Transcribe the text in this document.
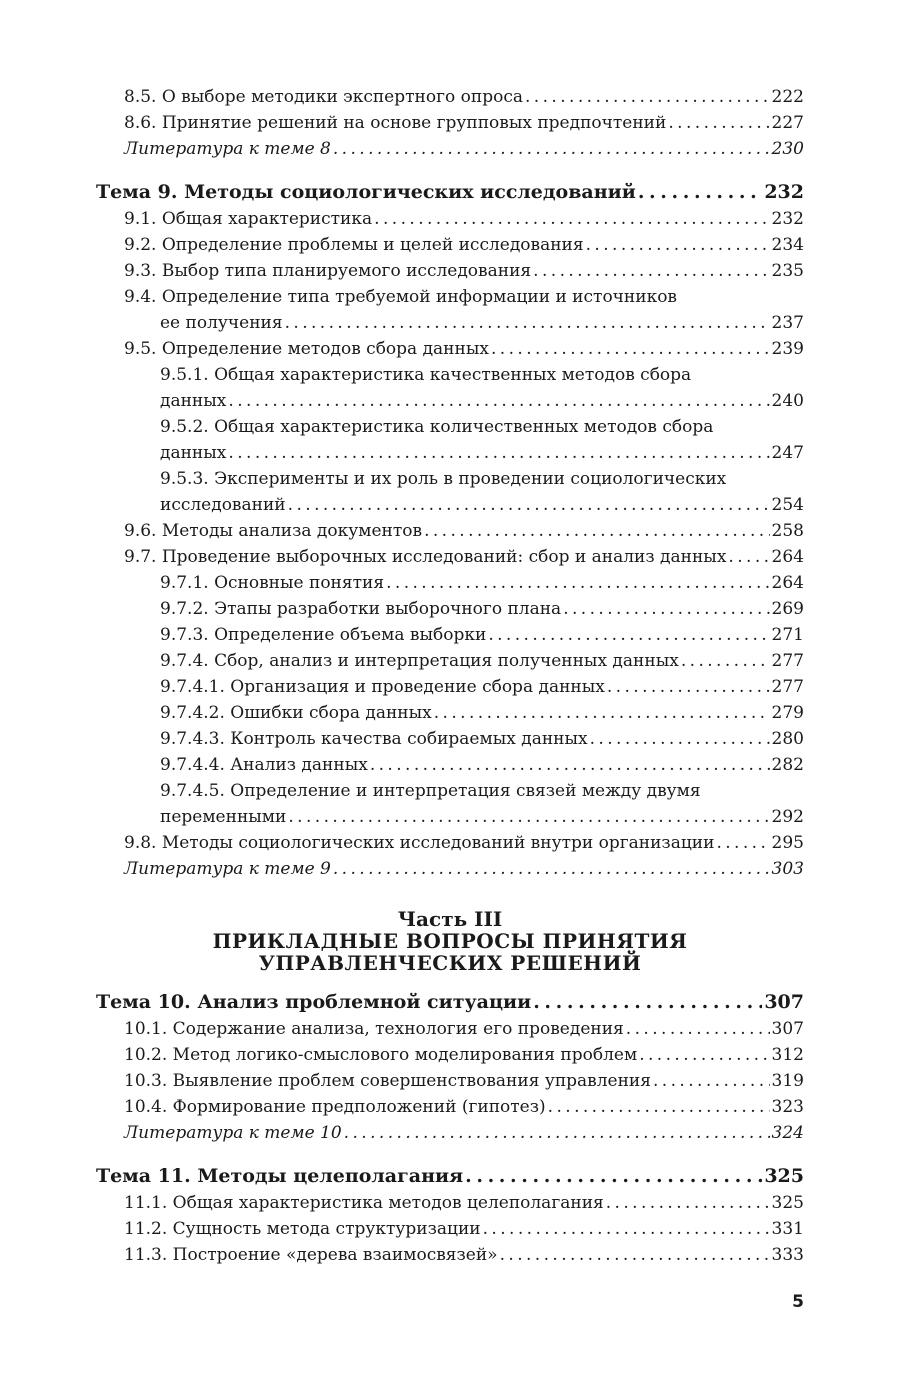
8.5. О выборе методики экспертного опроса . . .	222
8.6. Принятие решений на основе групповых предпочтений . . .	227
Литература к теме 8 . . .	230
Тема 9. Методы социологических исследований . . .	232
9.1. Общая характеристика . . .	232
9.2. Определение проблемы и целей исследования . . .	234
9.3. Выбор типа планируемого исследования . . .	235
9.4. Определение типа требуемой информации и источников
ее получения . . .	237
9.5. Определение методов сбора данных . . .	239
9.5.1. Общая характеристика качественных методов сбора
данных . . .	240
9.5.2. Общая характеристика количественных методов сбора
данных . . .	247
9.5.3. Эксперименты и их роль в проведении социологических
исследований . . .	254
9.6. Методы анализа документов . . .	258
9.7. Проведение выборочных исследований: сбор и анализ данных . . .	264
9.7.1. Основные понятия . . .	264
9.7.2. Этапы разработки выборочного плана . . .	269
9.7.3. Определение объема выборки . . .	271
9.7.4. Сбор, анализ и интерпретация полученных данных . . .	277
9.7.4.1. Организация и проведение сбора данных . . .	277
9.7.4.2. Ошибки сбора данных . . .	279
9.7.4.3. Контроль качества собираемых данных . . .	280
9.7.4.4. Анализ данных . . .	282
9.7.4.5. Определение и интерпретация связей между двумя
переменными . . .	292
9.8. Методы социологических исследований внутри организации . . .	295
Литература к теме 9 . . .	303
Часть III
ПРИКЛАДНЫЕ ВОПРОСЫ ПРИНЯТИЯ
УПРАВЛЕНЧЕСКИХ РЕШЕНИЙ
Тема 10. Анализ проблемной ситуации . . .	307
10.1. Содержание анализа, технология его проведения . . .	307
10.2. Метод логико-смыслового моделирования проблем . . .	312
10.3. Выявление проблем совершенствования управления . . .	319
10.4. Формирование предположений (гипотез) . . .	323
Литература к теме 10 . . .	324
Тема 11. Методы целеполагания . . .	325
11.1. Общая характеристика методов целеполагания . . .	325
11.2. Сущность метода структуризации . . .	331
11.3. Построение «дерева взаимосвязей» . . .	333
5
